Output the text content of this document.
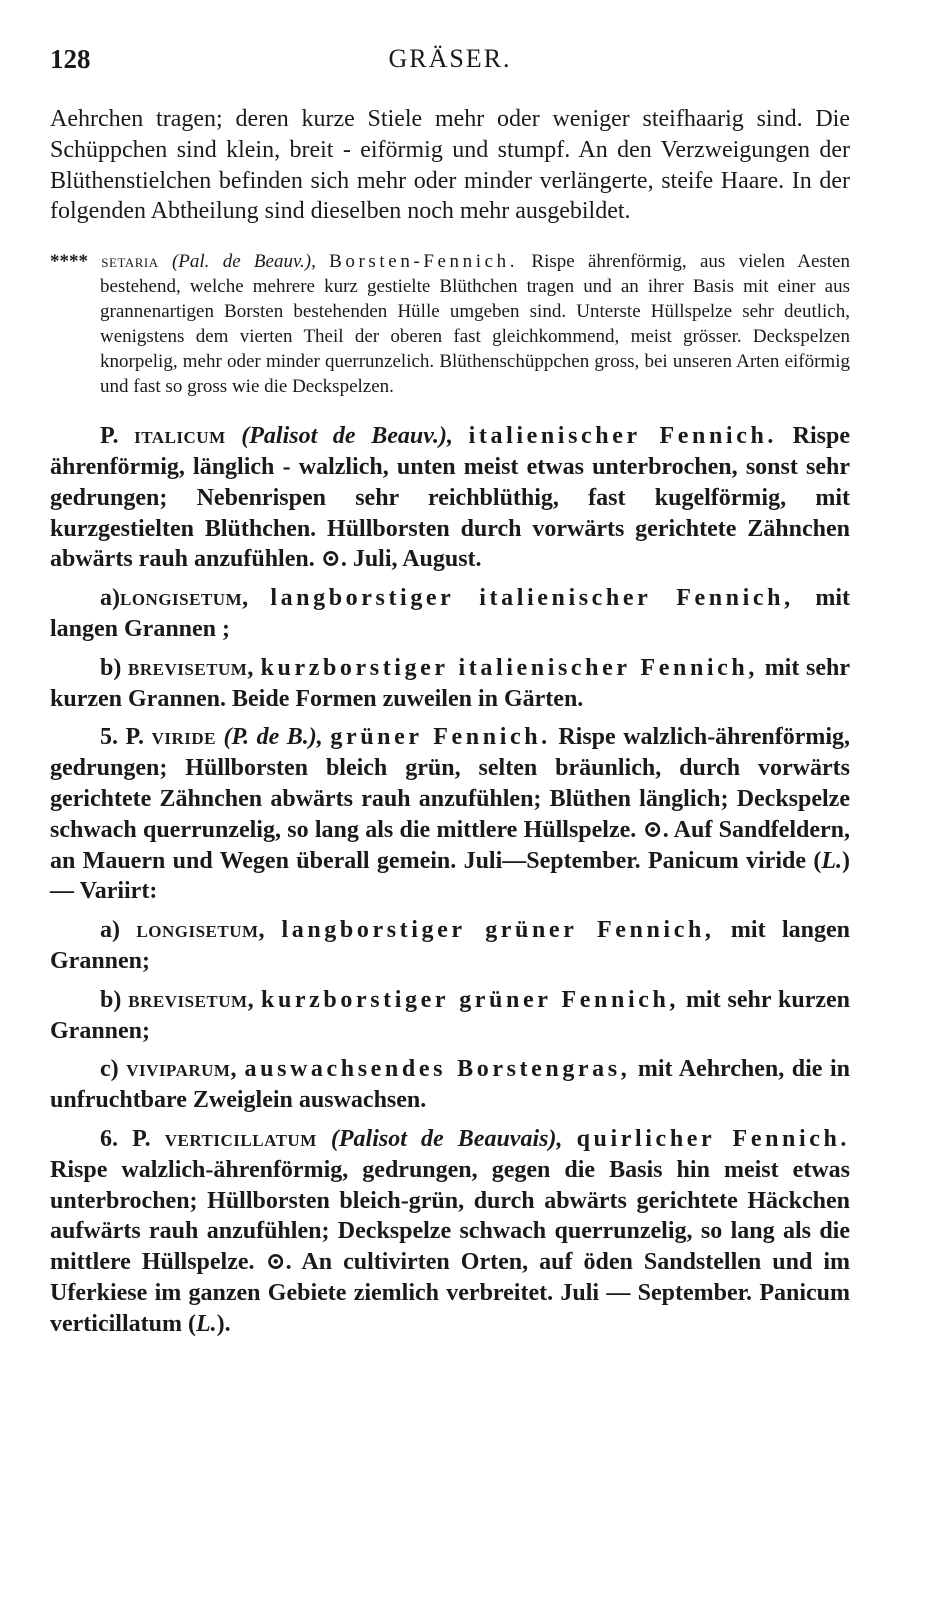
128	GRÄSER.

Aehrchen tragen; deren kurze Stiele mehr oder weniger steifhaarig sind. Die Schüppchen sind klein, breit - eiförmig und stumpf. An den Verzweigungen der Blüthenstielchen befinden sich mehr oder minder verlängerte, steife Haare. In der folgenden Abtheilung sind dieselben noch mehr ausgebildet.

**** setaria (Pal. de Beauv.), Borsten-Fennich. Rispe ährenförmig, aus vielen Aesten bestehend, welche mehrere kurz gestielte Blüthchen tragen und an ihrer Basis mit einer aus grannenartigen Borsten bestehenden Hülle umgeben sind. Unterste Hüllspelze sehr deutlich, wenigstens dem vierten Theil der oberen fast gleichkommend, meist grösser. Deckspelzen knorpelig, mehr oder minder querrunzelich. Blüthenschüppchen gross, bei unseren Arten eiförmig und fast so gross wie die Deckspelzen.

P. italicum (Palisot de Beauv.), italienischer Fennich. Rispe ährenförmig, länglich - walzlich, unten meist etwas unterbrochen, sonst sehr gedrungen; Nebenrispen sehr reichblüthig, fast kugelförmig, mit kurzgestielten Blüthchen. Hüllborsten durch vorwärts gerichtete Zähnchen abwärts rauh anzufühlen. ⊙. Juli, August.

a)longisetum, langborstiger italienischer Fennich, mit langen Grannen ;

b) brevisetum, kurzborstiger italienischer Fennich, mit sehr kurzen Grannen. Beide Formen zuweilen in Gärten.

5. P. viride (P. de B.), grüner Fennich. Rispe walzlich-ährenförmig, gedrungen; Hüllborsten bleich grün, selten bräunlich, durch vorwärts gerichtete Zähnchen abwärts rauh anzufühlen; Blüthen länglich; Deckspelze schwach querrunzelig, so lang als die mittlere Hüllspelze. ⊙. Auf Sandfeldern, an Mauern und Wegen überall gemein. Juli—September. Panicum viride (L.) — Variirt:

a) longisetum, langborstiger grüner Fennich, mit langen Grannen;

b) brevisetum, kurzborstiger grüner Fennich, mit sehr kurzen Grannen;

c) viviparum, auswachsendes Borstengras, mit Aehrchen, die in unfruchtbare Zweiglein auswachsen.

6. P. verticillatum (Palisot de Beauvais), quirlicher Fennich. Rispe walzlich-ährenförmig, gedrungen, gegen die Basis hin meist etwas unterbrochen; Hüllborsten bleich-grün, durch abwärts gerichtete Häckchen aufwärts rauh anzufühlen; Deckspelze schwach querrunzelig, so lang als die mittlere Hüllspelze. ⊙. An cultivirten Orten, auf öden Sandstellen und im Uferkiese im ganzen Gebiete ziemlich verbreitet. Juli — September. Panicum verticillatum (L.).
